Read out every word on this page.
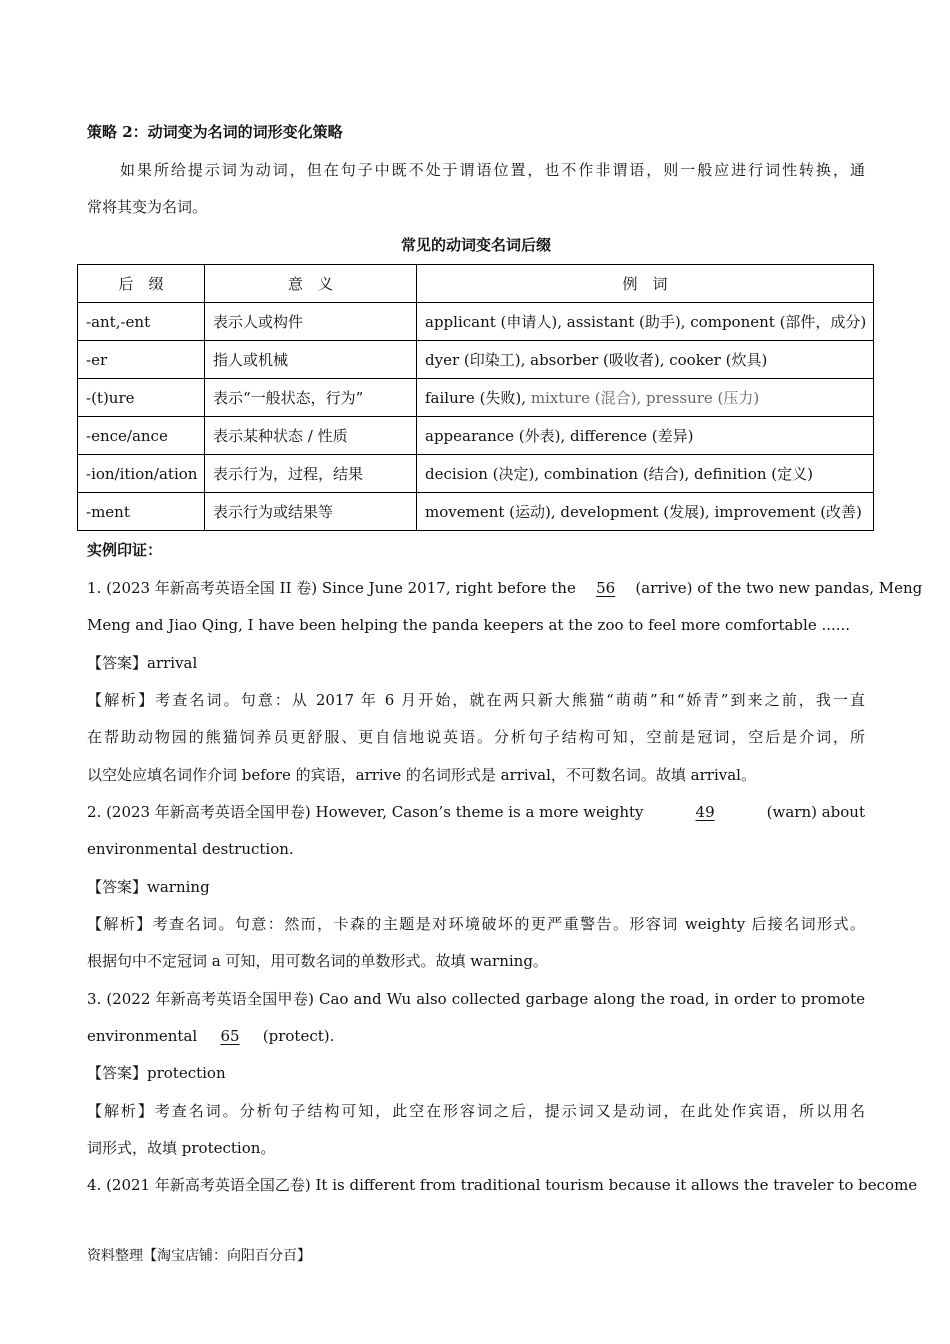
策略 2：动词变为名词的词形变化策略
如果所给提示词为动词，但在句子中既不处于谓语位置，也不作非谓语，则一般应进行词性转换，通
常将其变为名词。
常见的动词变名词后缀
后　缀	意　义	例　词
-ant,-ent	表示人或构件	applicant (申请人), assistant (助手), component (部件，成分)
-er	指人或机械	dyer (印染工), absorber (吸收者), cooker (炊具)
-(t)ure	表示“一般状态，行为”	failure (失败), mixture (混合), pressure (压力)
-ence/ance	表示某种状态 / 性质	appearance (外表), difference (差异)
-ion/ition/ation	表示行为，过程，结果	decision (决定), combination (结合), definition (定义)
-ment	表示行为或结果等	movement (运动), development (发展), improvement (改善)
实例印证：
1. (2023 年新高考英语全国 II 卷) Since June 2017, right before the 56 (arrive) of the two new pandas, Meng
Meng and Jiao Qing, I have been helping the panda keepers at the zoo to feel more comfortable ......
【答案】arrival
【解析】考查名词。句意：从 2017 年 6 月开始，就在两只新大熊猫“萌萌”和“娇青”到来之前，我一直
在帮助动物园的熊猫饲养员更舒服、更自信地说英语。分析句子结构可知，空前是冠词，空后是介词，所
以空处应填名词作介词 before 的宾语，arrive 的名词形式是 arrival，不可数名词。故填 arrival。
2. (2023 年新高考英语全国甲卷) However, Cason’s theme is a more weighty	49	(warn) about
environmental destruction.
【答案】warning
【解析】考查名词。句意：然而，卡森的主题是对环境破坏的更严重警告。形容词 weighty 后接名词形式。
根据句中不定冠词 a 可知，用可数名词的单数形式。故填 warning。
3. (2022 年新高考英语全国甲卷) Cao and Wu also collected garbage along the road, in order to promote
environmental 65 (protect).
【答案】protection
【解析】考查名词。分析句子结构可知，此空在形容词之后，提示词又是动词，在此处作宾语，所以用名
词形式，故填 protection。
4. (2021 年新高考英语全国乙卷) It is different from traditional tourism because it allows the traveler to become
资料整理【淘宝店铺：向阳百分百】
